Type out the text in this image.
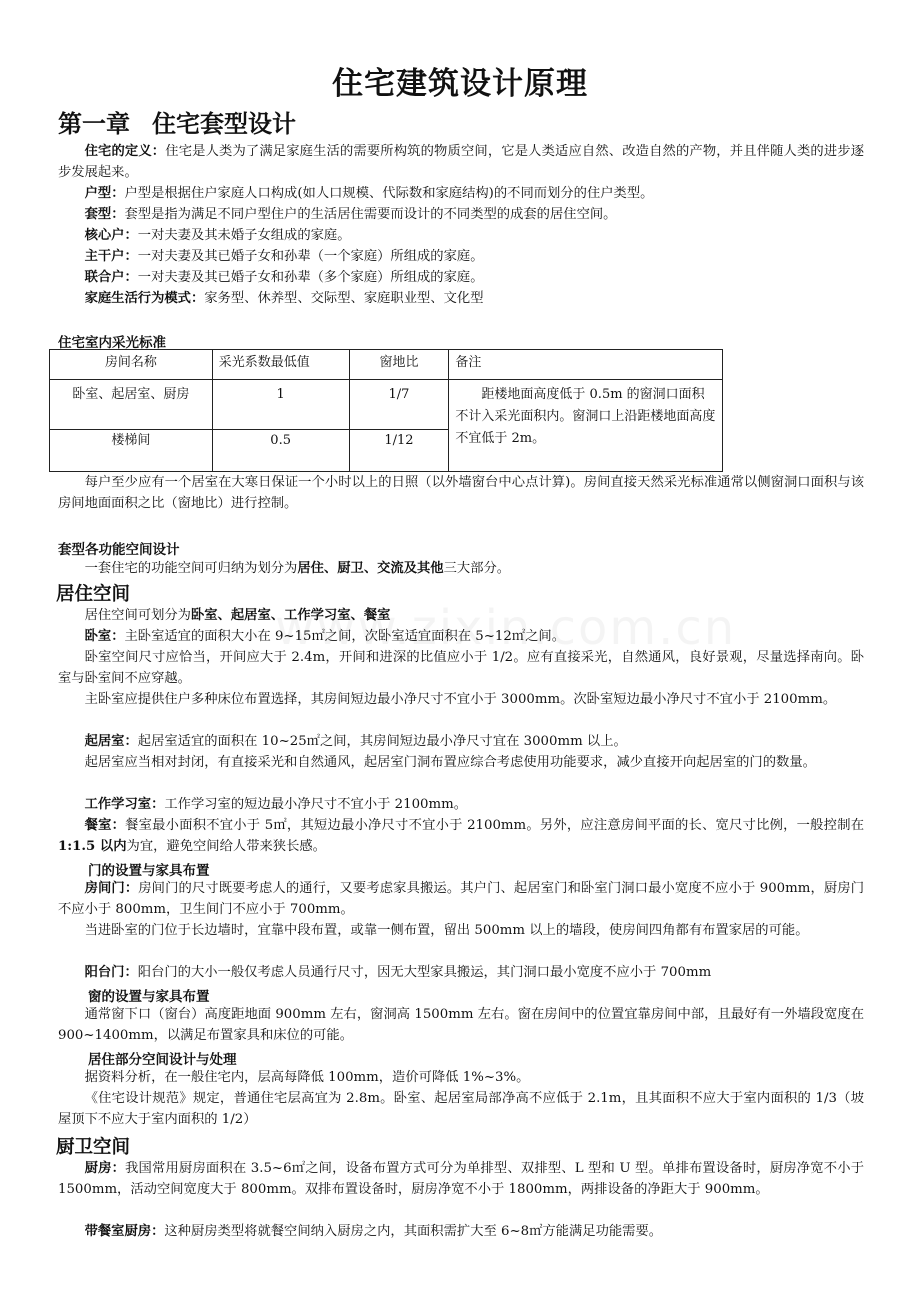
住宅建筑设计原理
第一章 住宅套型设计
住宅的定义：住宅是人类为了满足家庭生活的需要所构筑的物质空间，它是人类适应自然、改造自然的产物，并且伴随人类的进步逐步发展起来。
户型：户型是根据住户家庭人口构成(如人口规模、代际数和家庭结构)的不同而划分的住户类型。
套型：套型是指为满足不同户型住户的生活居住需要而设计的不同类型的成套的居住空间。
核心户：一对夫妻及其未婚子女组成的家庭。
主干户：一对夫妻及其已婚子女和孙辈（一个家庭）所组成的家庭。
联合户：一对夫妻及其已婚子女和孙辈（多个家庭）所组成的家庭。
家庭生活行为模式：家务型、休养型、交际型、家庭职业型、文化型
住宅室内采光标准
房间名称	采光系数最低值	窗地比	备注
卧室、起居室、厨房	1	1/7	距楼地面高度低于 0.5m 的窗洞口面积不计入采光面积内。窗洞口上沿距楼地面高度不宜低于 2m。
楼梯间	0.5	1/12	
每户至少应有一个居室在大寒日保证一个小时以上的日照（以外墙窗台中心点计算)。房间直接天然采光标准通常以侧窗洞口面积与该房间地面面积之比（窗地比）进行控制。
套型各功能空间设计
一套住宅的功能空间可归纳为划分为居住、厨卫、交流及其他三大部分。
居住空间
居住空间可划分为卧室、起居室、工作学习室、餐室
卧室：主卧室适宜的面积大小在 9~15㎡之间，次卧室适宜面积在 5~12㎡之间。
卧室空间尺寸应恰当，开间应大于 2.4m，开间和进深的比值应小于 1/2。应有直接采光，自然通风，良好景观，尽量选择南向。卧室与卧室间不应穿越。
主卧室应提供住户多种床位布置选择，其房间短边最小净尺寸不宜小于 3000mm。次卧室短边最小净尺寸不宜小于 2100mm。
起居室：起居室适宜的面积在 10~25㎡之间，其房间短边最小净尺寸宜在 3000mm 以上。
起居室应当相对封闭，有直接采光和自然通风，起居室门洞布置应综合考虑使用功能要求，减少直接开向起居室的门的数量。
工作学习室：工作学习室的短边最小净尺寸不宜小于 2100mm。
餐室：餐室最小面积不宜小于 5㎡，其短边最小净尺寸不宜小于 2100mm。另外，应注意房间平面的长、宽尺寸比例，一般控制在 1:1.5 以内为宜，避免空间给人带来狭长感。
门的设置与家具布置
房间门：房间门的尺寸既要考虑人的通行，又要考虑家具搬运。其户门、起居室门和卧室门洞口最小宽度不应小于 900mm，厨房门不应小于 800mm，卫生间门不应小于 700mm。
当进卧室的门位于长边墙时，宜靠中段布置，或靠一侧布置，留出 500mm 以上的墙段，使房间四角都有布置家居的可能。
阳台门：阳台门的大小一般仅考虑人员通行尺寸，因无大型家具搬运，其门洞口最小宽度不应小于 700mm
窗的设置与家具布置
通常窗下口（窗台）高度距地面 900mm 左右，窗洞高 1500mm 左右。窗在房间中的位置宜靠房间中部，且最好有一外墙段宽度在 900~1400mm，以满足布置家具和床位的可能。
居住部分空间设计与处理
据资料分析，在一般住宅内，层高每降低 100mm，造价可降低 1%~3%。
《住宅设计规范》规定，普通住宅层高宜为 2.8m。卧室、起居室局部净高不应低于 2.1m，且其面积不应大于室内面积的 1/3（坡屋顶下不应大于室内面积的 1/2）
厨卫空间
厨房：我国常用厨房面积在 3.5~6㎡之间，设备布置方式可分为单排型、双排型、L 型和 U 型。单排布置设备时，厨房净宽不小于 1500mm，活动空间宽度大于 800mm。双排布置设备时，厨房净宽不小于 1800mm，两排设备的净距大于 900mm。
带餐室厨房：这种厨房类型将就餐空间纳入厨房之内，其面积需扩大至 6~8㎡方能满足功能需要。
